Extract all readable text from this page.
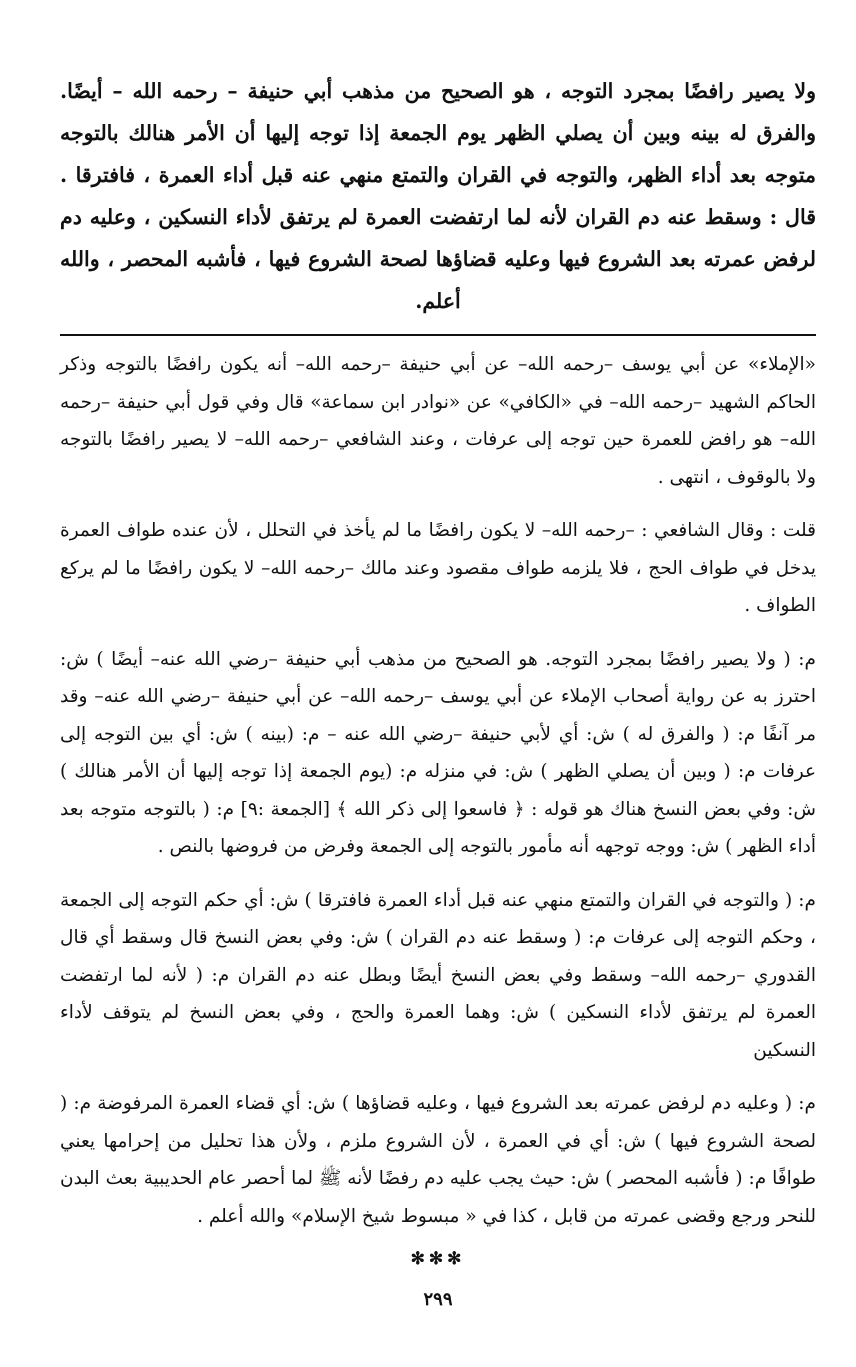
ولا يصير رافضًا بمجرد التوجه ، هو الصحيح من مذهب أبي حنيفة – رحمه الله – أيضًا. والفرق له بينه وبين أن يصلي الظهر يوم الجمعة إذا توجه إليها أن الأمر هنالك بالتوجه متوجه بعد أداء الظهر، والتوجه في القران والتمتع منهي عنه قبل أداء العمرة ، فافترقا . قال : وسقط عنه دم القران لأنه لما ارتفضت العمرة لم يرتفق لأداء النسكين ، وعليه دم لرفض عمرته بعد الشروع فيها وعليه قضاؤها لصحة الشروع فيها ، فأشبه المحصر ، والله أعلم.

«الإملاء» عن أبي يوسف –رحمه الله– عن أبي حنيفة –رحمه الله– أنه يكون رافضًا بالتوجه وذكر الحاكم الشهيد –رحمه الله– في «الكافي» عن «نوادر ابن سماعة» قال وفي قول أبي حنيفة –رحمه الله– هو رافض للعمرة حين توجه إلى عرفات ، وعند الشافعي –رحمه الله– لا يصير رافضًا بالتوجه ولا بالوقوف ، انتهى .

قلت : وقال الشافعي : –رحمه الله– لا يكون رافضًا ما لم يأخذ في التحلل ، لأن عنده طواف العمرة يدخل في طواف الحج ، فلا يلزمه طواف مقصود وعند مالك –رحمه الله– لا يكون رافضًا ما لم يركع الطواف .

م: ( ولا يصير رافضًا بمجرد التوجه. هو الصحيح من مذهب أبي حنيفة –رضي الله عنه– أيضًا ) ش: احترز به عن رواية أصحاب الإملاء عن أبي يوسف –رحمه الله– عن أبي حنيفة –رضي الله عنه– وقد مر آنفًا م: ( والفرق له ) ش: أي لأبي حنيفة –رضي الله عنه – م: (بينه ) ش: أي بين التوجه إلى عرفات م: ( وبين أن يصلي الظهر ) ش: في منزله م: (يوم الجمعة إذا توجه إليها أن الأمر هنالك ) ش: وفي بعض النسخ هناك هو قوله : ﴿ فاسعوا إلى ذكر الله ﴾ [الجمعة :٩] م: ( بالتوجه متوجه بعد أداء الظهر ) ش: ووجه توجهه أنه مأمور بالتوجه إلى الجمعة وفرض من فروضها بالنص .

م: ( والتوجه في القران والتمتع منهي عنه قبل أداء العمرة فافترقا ) ش: أي حكم التوجه إلى الجمعة ، وحكم التوجه إلى عرفات م: ( وسقط عنه دم القران ) ش: وفي بعض النسخ قال وسقط أي قال القدوري –رحمه الله– وسقط وفي بعض النسخ أيضًا وبطل عنه دم القران م: ( لأنه لما ارتفضت العمرة لم يرتفق لأداء النسكين ) ش: وهما العمرة والحج ، وفي بعض النسخ لم يتوقف لأداء النسكين

م: ( وعليه دم لرفض عمرته بعد الشروع فيها ، وعليه قضاؤها ) ش: أي قضاء العمرة المرفوضة م: ( لصحة الشروع فيها ) ش: أي في العمرة ، لأن الشروع ملزم ، ولأن هذا تحليل من إحرامها يعني طوافًا م: ( فأشبه المحصر ) ش: حيث يجب عليه دم رفضًا لأنه ﷺ لما أحصر عام الحديبية بعث البدن للنحر ورجع وقضى عمرته من قابل ، كذا في « مبسوط شيخ الإسلام» والله أعلم .

✻✻✻
٢٩٩
